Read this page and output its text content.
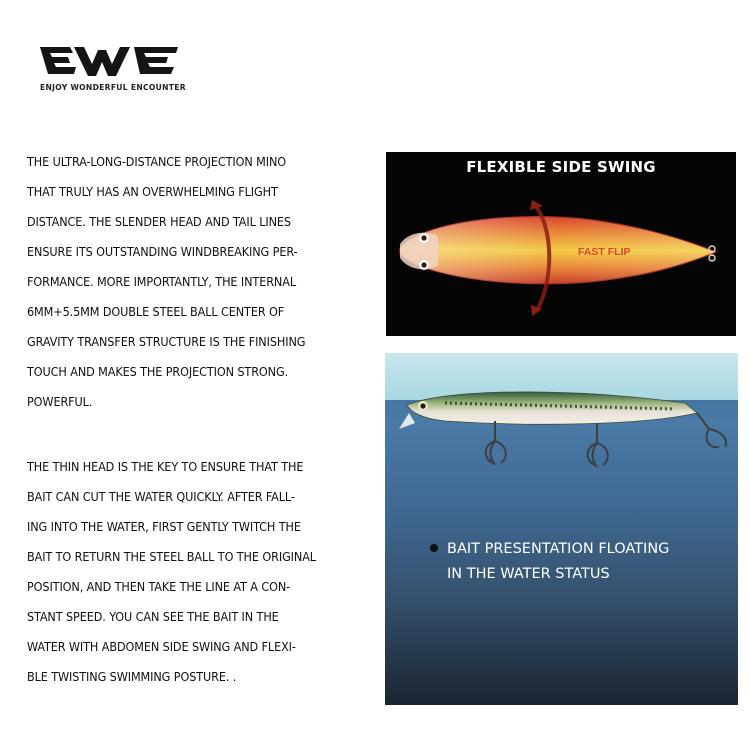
ENJOY WONDERFUL ENCOUNTER
THE ULTRA-LONG-DISTANCE PROJECTION MINO
THAT TRULY HAS AN OVERWHELMING FLIGHT
DISTANCE. THE SLENDER HEAD AND TAIL LINES
ENSURE ITS OUTSTANDING WINDBREAKING PER-
FORMANCE. MORE IMPORTANTLY, THE INTERNAL
6MM+5.5MM DOUBLE STEEL BALL CENTER OF
GRAVITY TRANSFER STRUCTURE IS THE FINISHING
TOUCH AND MAKES THE PROJECTION STRONG.
POWERFUL.
THE THIN HEAD IS THE KEY TO ENSURE THAT THE
BAIT CAN CUT THE WATER QUICKLY. AFTER FALL-
ING INTO THE WATER, FIRST GENTLY TWITCH THE
BAIT TO RETURN THE STEEL BALL TO THE ORIGINAL
POSITION, AND THEN TAKE THE LINE AT A CON-
STANT SPEED. YOU CAN SEE THE BAIT IN THE
WATER WITH ABDOMEN SIDE SWING AND FLEXI-
BLE TWISTING SWIMMING POSTURE. .
FLEXIBLE SIDE SWING
FAST FLIP
BAIT PRESENTATION FLOATING
IN THE WATER STATUS
